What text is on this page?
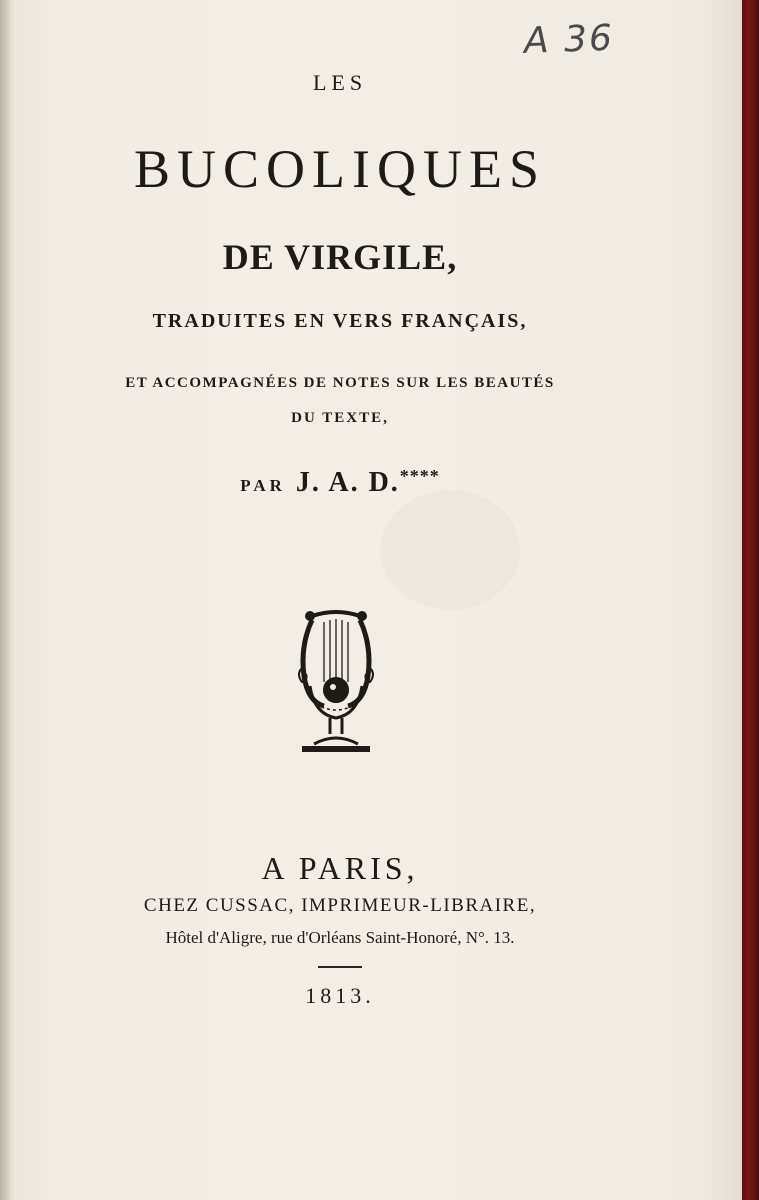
A 36

LES

BUCOLIQUES

DE VIRGILE,

TRADUITES EN VERS FRANÇAIS,

ET ACCOMPAGNÉES DE NOTES SUR LES BEAUTÉS

DU TEXTE,

PAR J. A. D.****

A PARIS,

CHEZ CUSSAC, IMPRIMEUR-LIBRAIRE,

Hôtel d'Aligre, rue d'Orléans Saint-Honoré, N°. 13.

1813.
